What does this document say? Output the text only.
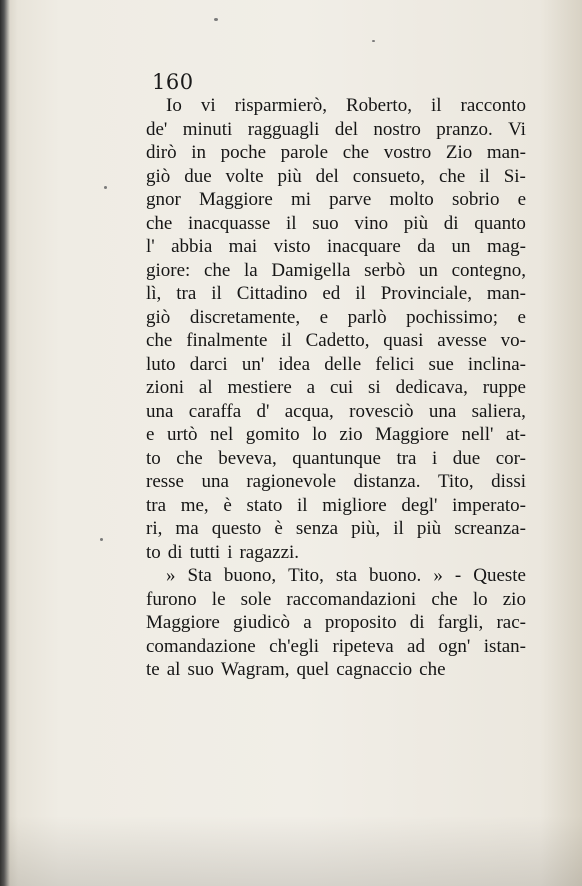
160
Io vi risparmierò, Roberto, il racconto
de' minuti ragguagli del nostro pranzo. Vi
dirò in poche parole che vostro Zio man-
giò due volte più del consueto, che il Si-
gnor Maggiore mi parve molto sobrio e
che inacquasse il suo vino più di quanto
l' abbia mai visto inacquare da un mag-
giore: che la Damigella serbò un contegno,
lì, tra il Cittadino ed il Provinciale, man-
giò discretamente, e parlò pochissimo; e
che finalmente il Cadetto, quasi avesse vo-
luto darci un' idea delle felici sue inclina-
zioni al mestiere a cui si dedicava, ruppe
una caraffa d' acqua, rovesciò una saliera,
e urtò nel gomito lo zio Maggiore nell' at-
to che beveva, quantunque tra i due cor-
resse una ragionevole distanza. Tito, dissi
tra me, è stato il migliore degl' imperato-
ri, ma questo è senza più, il più screanza-
to di tutti i ragazzi.
» Sta buono, Tito, sta buono. » - Queste
furono le sole raccomandazioni che lo zio
Maggiore giudicò a proposito di fargli, rac-
comandazione ch'egli ripeteva ad ogn' istan-
te al suo Wagram, quel cagnaccio che
